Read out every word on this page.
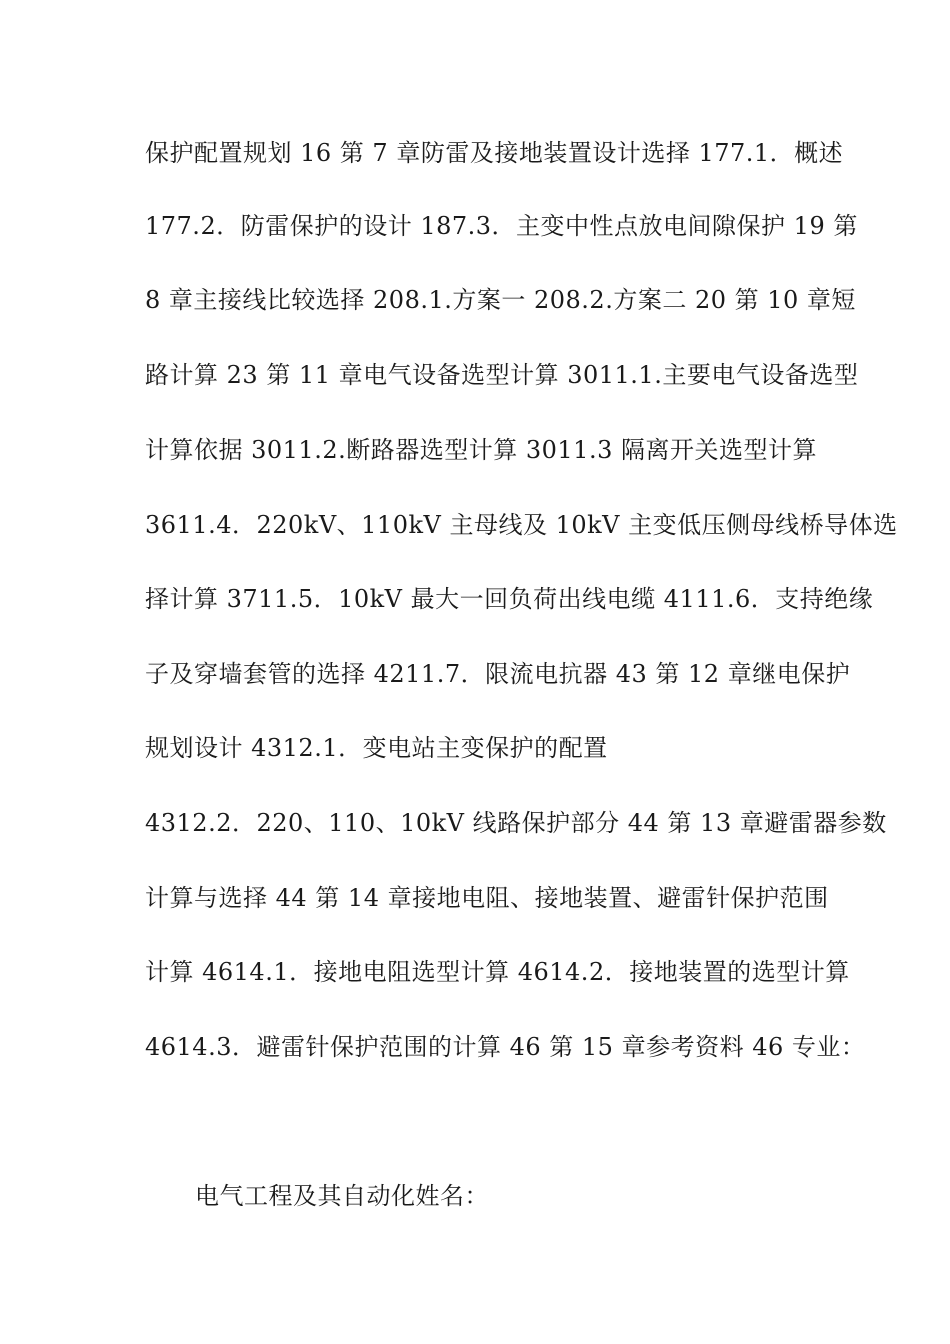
保护配置规划 16 第 7 章防雷及接地装置设计选择 177.1．概述
177.2．防雷保护的设计 187.3．主变中性点放电间隙保护 19 第
8 章主接线比较选择 208.1.方案一 208.2.方案二 20 第 10 章短
路计算 23 第 11 章电气设备选型计算 3011.1.主要电气设备选型
计算依据 3011.2.断路器选型计算 3011.3 隔离开关选型计算
3611.4．220kV、110kV 主母线及 10kV 主变低压侧母线桥导体选
择计算 3711.5．10kV 最大一回负荷出线电缆 4111.6．支持绝缘
子及穿墙套管的选择 4211.7．限流电抗器 43 第 12 章继电保护
规划设计 4312.1．变电站主变保护的配置
4312.2．220、110、10kV 线路保护部分 44 第 13 章避雷器参数
计算与选择 44 第 14 章接地电阻、接地装置、避雷针保护范围
计算 4614.1．接地电阻选型计算 4614.2．接地装置的选型计算
4614.3．避雷针保护范围的计算 46 第 15 章参考资料 46 专业：
电气工程及其自动化姓名：
